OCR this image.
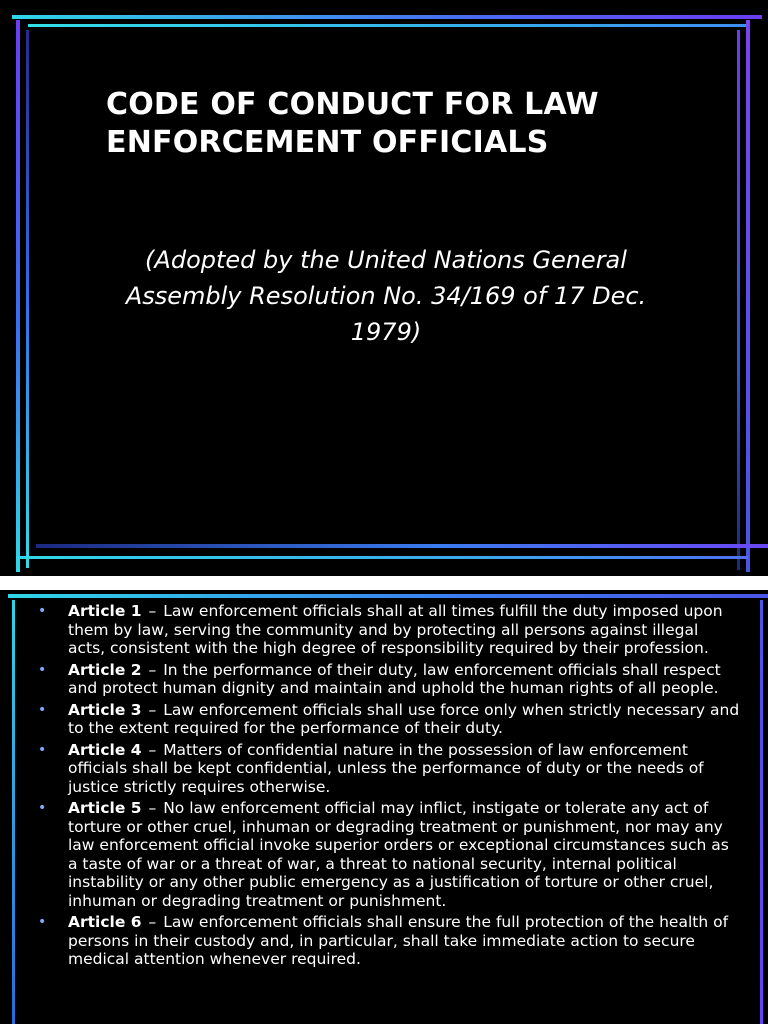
CODE OF CONDUCT FOR LAW
ENFORCEMENT OFFICIALS

(Adopted by the United Nations General
Assembly Resolution No. 34/169 of 17 Dec.
1979)

• Article 1 – Law enforcement officials shall at all times fulfill the duty imposed upon them by law, serving the community and by protecting all persons against illegal acts, consistent with the high degree of responsibility required by their profession.
• Article 2 – In the performance of their duty, law enforcement officials shall respect and protect human dignity and maintain and uphold the human rights of all people.
• Article 3 – Law enforcement officials shall use force only when strictly necessary and to the extent required for the performance of their duty.
• Article 4 – Matters of confidential nature in the possession of law enforcement officials shall be kept confidential, unless the performance of duty or the needs of justice strictly requires otherwise.
• Article 5 – No law enforcement official may inflict, instigate or tolerate any act of torture or other cruel, inhuman or degrading treatment or punishment, nor may any law enforcement official invoke superior orders or exceptional circumstances such as a taste of war or a threat of war, a threat to national security, internal political instability or any other public emergency as a justification of torture or other cruel, inhuman or degrading treatment or punishment.
• Article 6 – Law enforcement officials shall ensure the full protection of the health of persons in their custody and, in particular, shall take immediate action to secure medical attention whenever required.
